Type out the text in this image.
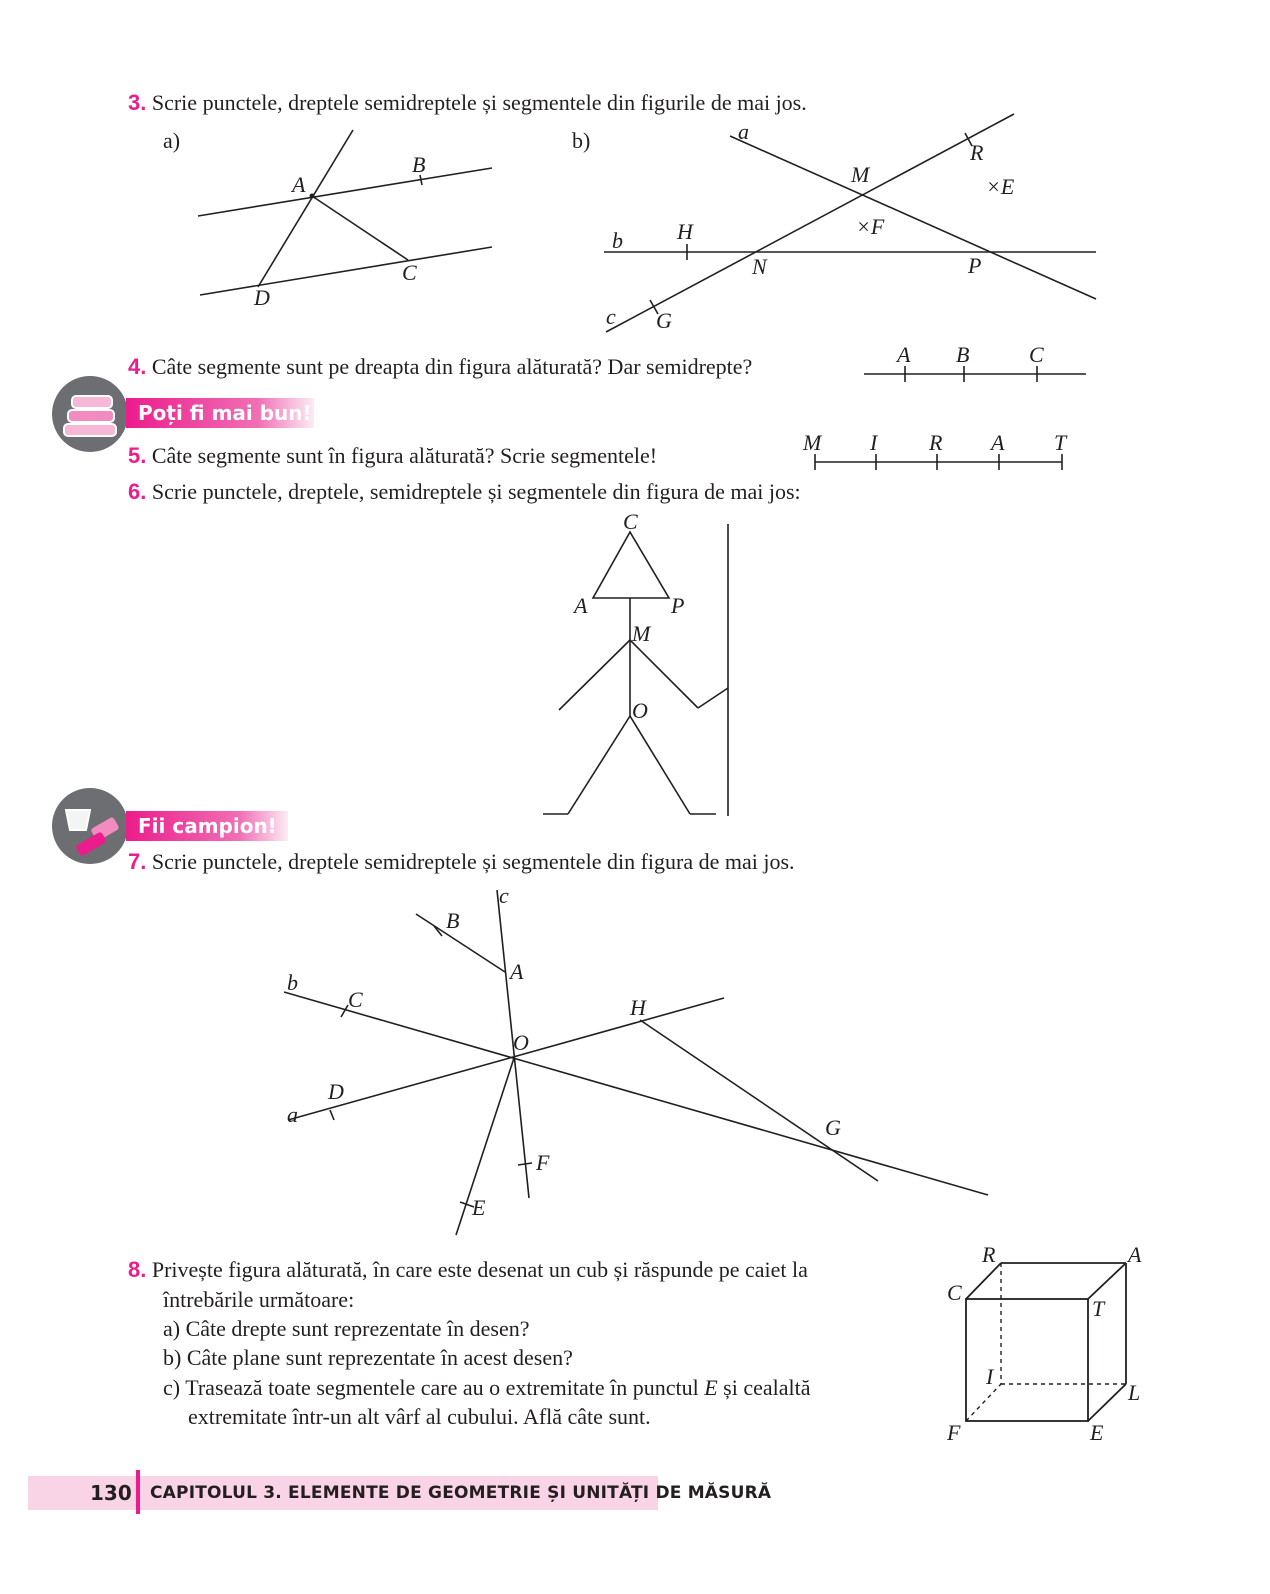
3. Scrie punctele, dreptele semidreptele și segmentele din figurile de mai jos.
a)	b)
A
B
C
D
a
b
c
M
N	P
R
×E
×F
H
G
4. Câte segmente sunt pe dreapta din figura alăturată? Dar semidrepte?	A B	C
Poți fi mai bun!
5. Câte segmente sunt în figura alăturată? Scrie segmentele!
M I R A T
6. Scrie punctele, dreptele, semidreptele și segmentele din figura de mai jos:
C
A	P
M
O
Fii campion!
7. Scrie punctele, dreptele semidreptele și segmentele din figura de mai jos.
c
B
A
b
C
O
H
D
a
G
F
E
8. Privește figura alăturată, în care este desenat un cub și răspunde pe caiet la
întrebările următoare:
a) Câte drepte sunt reprezentate în desen?
b) Câte plane sunt reprezentate în acest desen?
c) Trasează toate segmentele care au o extremitate în punctul E și cealaltă
extremitate într-un alt vârf al cubului. Află câte sunt.
R	A
C
T
I
L
F	E
130 CAPITOLUL 3. ELEMENTE DE GEOMETRIE ȘI UNITĂȚI DE MĂSURĂ
